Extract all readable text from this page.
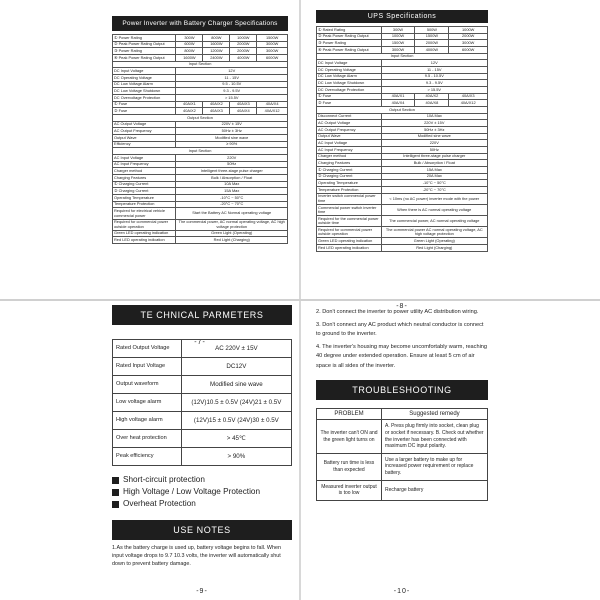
Power Inverter with Battery Charger Specifications
① Power Rating	300W	800W	1000W	1500W
② Peak Power Rating Output	600W	1600W	2000W	3000W
③ Power Rating	800W	1200W	2000W	3000W
④ Peak Power Rating Output	1600W	2400W	4000W	6000W
Input Section				
DC Input Voltage	12V			
DC Operating Voltage	11 - 15V			
DC Low Voltage Alarm	9.5 - 10.5V			
DC Low Voltage Shutdown	9.3 - 9.5V			
DC Overvoltage Protection	> 15.5V			
① Fuse	40A/X1	40A/X2	40A/X3	40A/X4
② Fuse	40A/X2	40A/X3	40A/X4	40A/X12
Output Section				
AC Output Voltage	220V ± 15V			
AC Output Frequency	50Hz ± 3Hz			
Output Wave	Modified sine wave			
Efficiency	≥ 90%			
Input Section				
AC Input Voltage	220V			
AC Input Frequency	50Hz			
Charger method	Intelligent three-stage pulse charger			
Charging Features	Bulk / Absorption / Float			
① Charging Current	10A Max			
② Charging Current	15A Max			
Operating Temperature	-10°C ~ 50°C			
Temperature Protection	-20°C ~ 70°C			
Required for electrical vehicle commercial power	Start the Battery AC Normal operating voltage			
Required for commercial power outside operation	The commercial power, AC normal operating voltage, AC high voltage protection			
Green LED operating indication	Green Light (Operating)			
Red LED operating indication	Red Light (Charging)			
-7-
UPS Specifications
① Rated Rating	300W	500W	1000W
② Peak Power Rating Output	1000W	1500W	2000W
③ Power Rating	1500W	2000W	3000W
④ Peak Power Rating Output	3000W	4000W	6000W
Input Section			
DC Input Voltage	12V		
DC Operating Voltage	11 - 15V		
DC Low Voltage Alarm	9.5 - 10.5V		
DC Low Voltage Shutdown	9.3 - 9.5V		
DC Overvoltage Protection	> 15.5V		
① Fuse	40A/X1	40A/X2	40A/X3
② Fuse	40A/X4	40A/X8	40A/X12
Output Section			
Disconnect Current	10A Max		
AC Output Voltage	220V ± 15V		
AC Output Frequency	50Hz ± 3Hz		
Output Wave	Modified sine wave		
AC Input Voltage	220V		
AC Input Frequency	50Hz		
Charger method	Intelligent three-stage pulse charger		
Charging Features	Bulk / Absorption / Float		
① Charging Current	15A Max		
② Charging Current	20A Max		
Operating Temperature	-10°C ~ 50°C		
Temperature Protection	-20°C ~ 70°C		
Inverter switch commercial power time	< 10ms (no AC power) inverter mode with the power		
Commercial power switch inverter time	When there is AC normal operating voltage		
Required for the commercial power outside time	The commercial power, AC normal operating voltage		
Required for commercial power outside operation	The commercial power AC normal operating voltage, AC high voltage protection		
Green LED operating indication	Green Light (Operating)		
Red LED operating indication	Red Light (Charging)		
-8-
TE CHNICAL PARMETERS
Rated Output Voltage	AC 220V ± 15V
Rated Input Voltage	DC12V
Output waveform	Modified sine wave
Low voltage alarm	(12V)10.5 ± 0.5V (24V)21 ± 0.5V
High voltage alarm	(12V)15 ± 0.5V (24V)30 ± 0.5V
Over heat protection	> 45℃
Peak efficiency	> 90%
Short-circuit protection
High Voltage / Low Voltage Protection
Overheat Protection
USE NOTES

1.As the battery charge is used up, battery voltage begins to fall. When input voltage drops to 9.7 10.3 volts, the inverter will automatically shut down to prevent battery damage.

-9-

2. Don't connect the inverter to power utility AC distribution wiring.

3. Don't connect any AC product which neutral conductor is connect to ground to the inverter.

4. The inverter's housing may become uncomfortably warm, reaching 40 degree under extended operation. Ensure at least 5 cm of air space is all sides of the inverter.

TROUBLESHOOTING
PROBLEM	Suggested remedy
The inverter can't ON and the green light turns on	A. Press plug firmly into socket, clean plug or socket if necessary. B. Check out whether the inverter has been connected with maximum DC input polarity.
Battery run time is less than expected	Use a larger battery to make up for increased power requirement or replace battery.
Measured inverter output is too low	Recharge battery
-10-
